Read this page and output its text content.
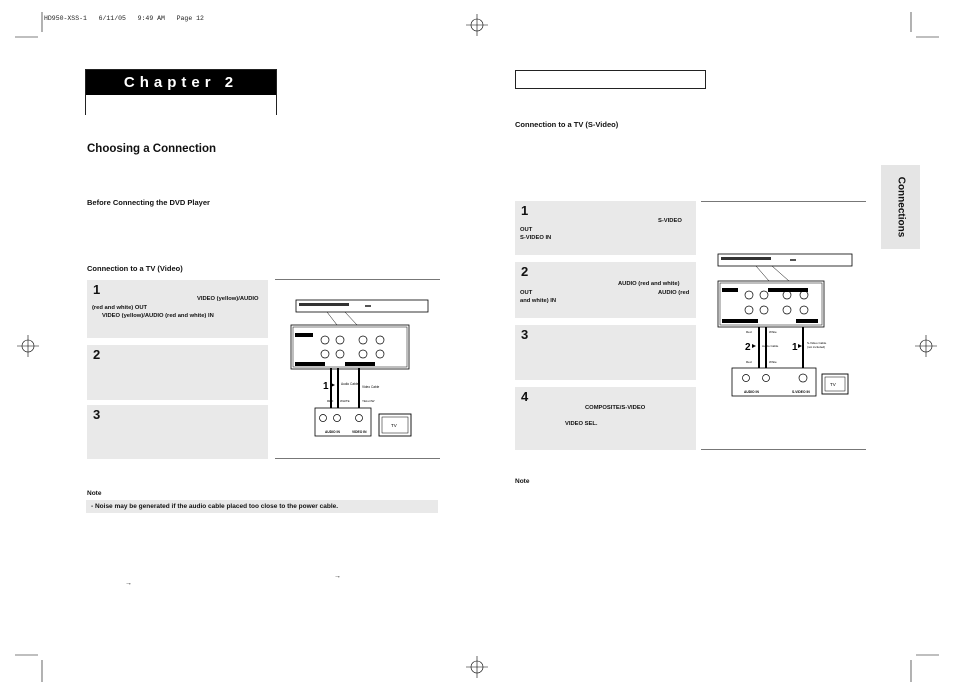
HD950-XSS-1   6/11/05   9:49 AM   Page 12
Chapter 2
Choosing a Connection
Before Connecting the DVD Player
Connection to a TV (Video)
1
VIDEO (yellow)/AUDIO
(red and white) OUT
VIDEO (yellow)/AUDIO (red and white) IN
2
3
1	Audio Cable
Video Cable
RED WHITE	YELLOW
AUDIO IN	VIDEO IN
TV
Note
- Noise may be generated if the audio cable placed too close to the power cable.
→
→
Connection to a TV (S-Video)
1
S-VIDEO
OUT
S-VIDEO IN
2
AUDIO (red and white)
OUT	AUDIO (red
and white) IN
3
4
COMPOSITE/S-VIDEO
VIDEO SEL.
2	1
Audio Cable
S-Video Cable
(not included)
Red	White
Red	White
AUDIO IN	S-VIDEO IN
TV
Note
Connections
